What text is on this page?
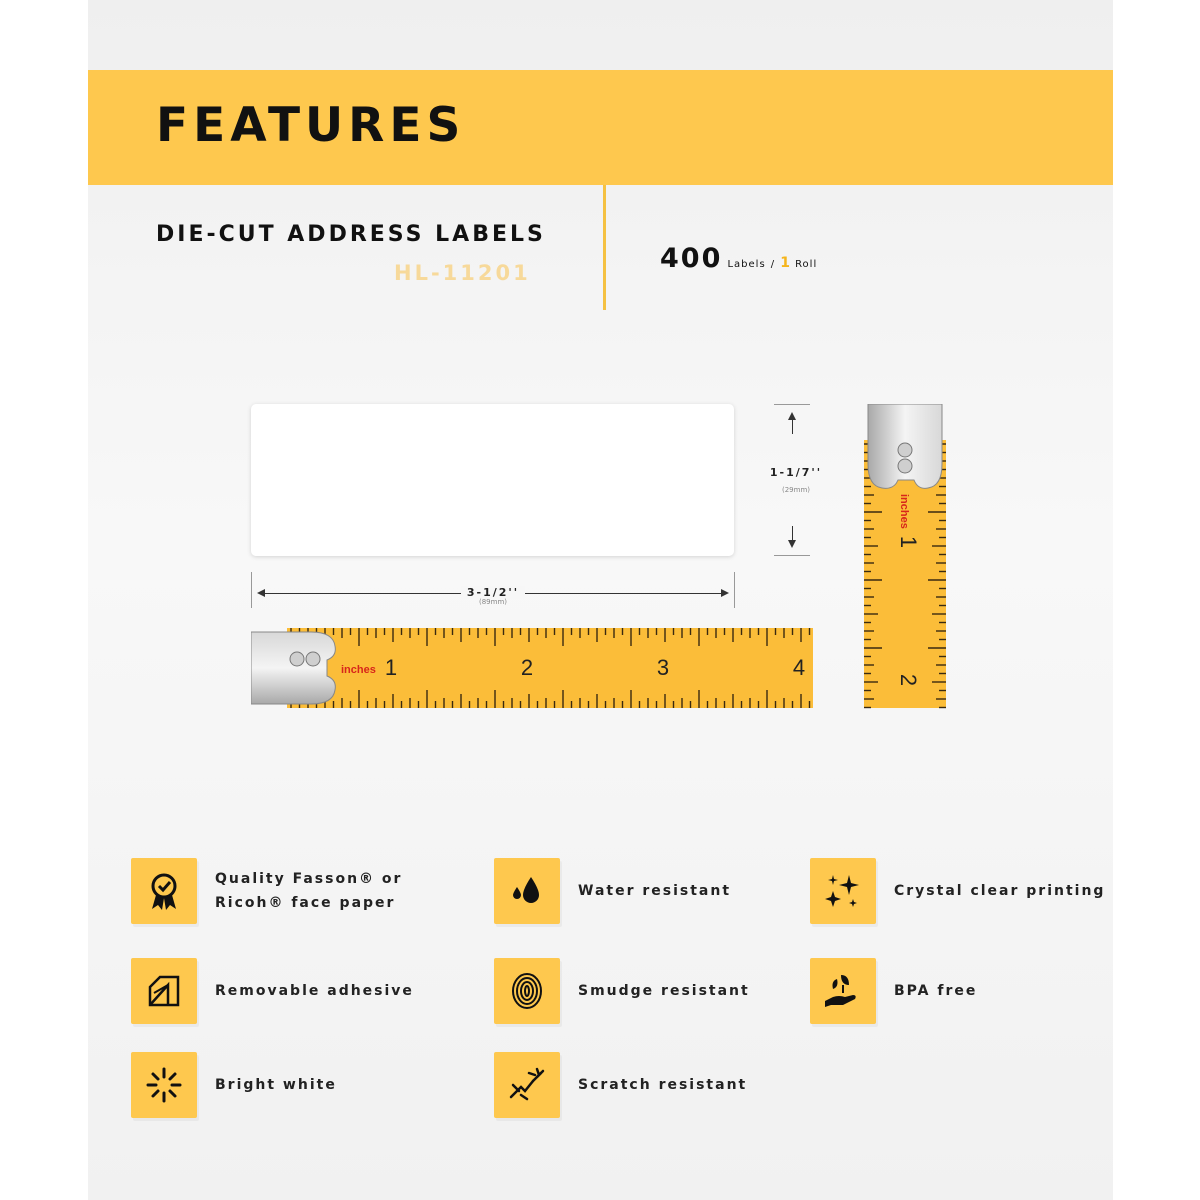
FEATURES
DIE-CUT ADDRESS LABELS
HL-11201	400 Labels / 1 Roll
3-1/2''
(89mm)
1-1/7''
(29mm)
inches 1	2	3	4
inches
1
2
Quality Fasson® or
Ricoh® face paper
Water resistant	Crystal clear printing
Removable adhesive	Smudge resistant	BPA free
Bright white	Scratch resistant
